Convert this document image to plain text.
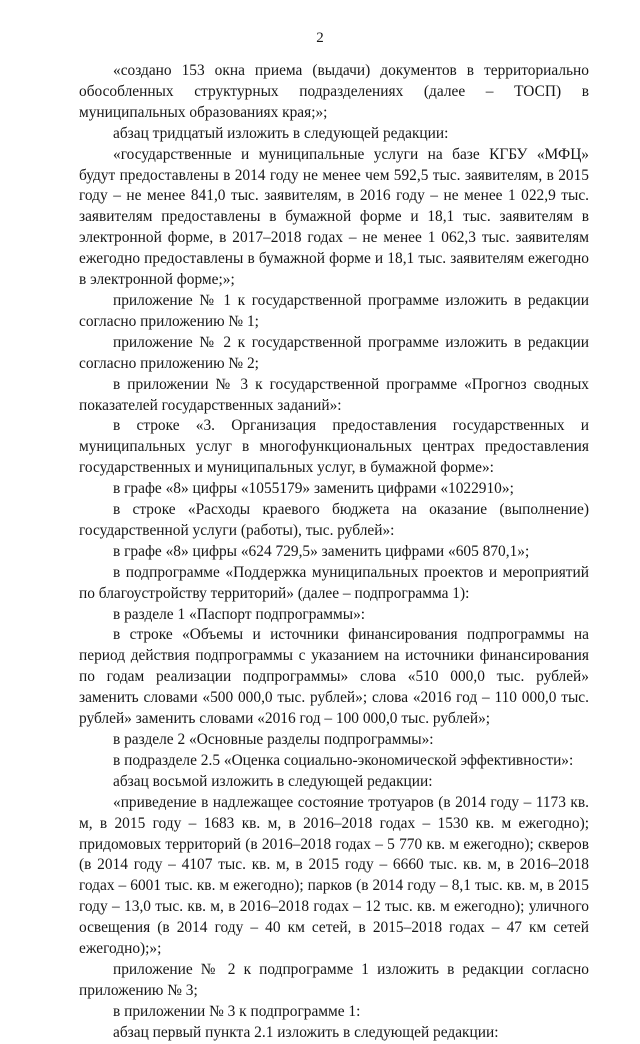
2

«создано 153 окна приема (выдачи) документов в территориально обособленных структурных подразделениях (далее – ТОСП) в муниципальных образованиях края;»;

абзац тридцатый изложить в следующей редакции:

«государственные и муниципальные услуги на базе КГБУ «МФЦ» будут предоставлены в 2014 году не менее чем 592,5 тыс. заявителям, в 2015 году – не менее 841,0 тыс. заявителям, в 2016 году – не менее 1 022,9 тыс. заявителям предоставлены в бумажной форме и 18,1 тыс. заявителям в электронной форме, в 2017–2018 годах – не менее 1 062,3 тыс. заявителям ежегодно предоставлены в бумажной форме и 18,1 тыс. заявителям ежегодно в электронной форме;»;

приложение № 1 к государственной программе изложить в редакции согласно приложению № 1;

приложение № 2 к государственной программе изложить в редакции согласно приложению № 2;

в приложении № 3 к государственной программе «Прогноз сводных показателей государственных заданий»:

в строке «3. Организация предоставления государственных и муниципальных услуг в многофункциональных центрах предоставления государственных и муниципальных услуг, в бумажной форме»:

в графе «8» цифры «1055179» заменить цифрами «1022910»;

в строке «Расходы краевого бюджета на оказание (выполнение) государственной услуги (работы), тыс. рублей»:

в графе «8» цифры «624 729,5» заменить цифрами «605 870,1»;

в подпрограмме «Поддержка муниципальных проектов и мероприятий по благоустройству территорий» (далее – подпрограмма 1):

в разделе 1 «Паспорт подпрограммы»:

в строке «Объемы и источники финансирования подпрограммы на период действия подпрограммы с указанием на источники финансирования по годам реализации подпрограммы» слова «510 000,0 тыс. рублей» заменить словами «500 000,0 тыс. рублей»; слова «2016 год – 110 000,0 тыс. рублей» заменить словами «2016 год – 100 000,0 тыс. рублей»;

в разделе 2 «Основные разделы подпрограммы»:

в подразделе 2.5 «Оценка социально-экономической эффективности»:

абзац восьмой изложить в следующей редакции:

«приведение в надлежащее состояние тротуаров (в 2014 году – 1173 кв. м, в 2015 году – 1683 кв. м, в 2016–2018 годах – 1530 кв. м ежегодно); придомовых территорий (в 2016–2018 годах – 5 770 кв. м ежегодно); скверов (в 2014 году – 4107 тыс. кв. м, в 2015 году – 6660 тыс. кв. м, в 2016–2018 годах – 6001 тыс. кв. м ежегодно); парков (в 2014 году – 8,1 тыс. кв. м, в 2015 году – 13,0 тыс. кв. м, в 2016–2018 годах – 12 тыс. кв. м ежегодно); уличного освещения (в 2014 году – 40 км сетей, в 2015–2018 годах – 47 км сетей ежегодно);»;

приложение № 2 к подпрограмме 1 изложить в редакции согласно приложению № 3;

в приложении № 3 к подпрограмме 1:

абзац первый пункта 2.1 изложить в следующей редакции:
